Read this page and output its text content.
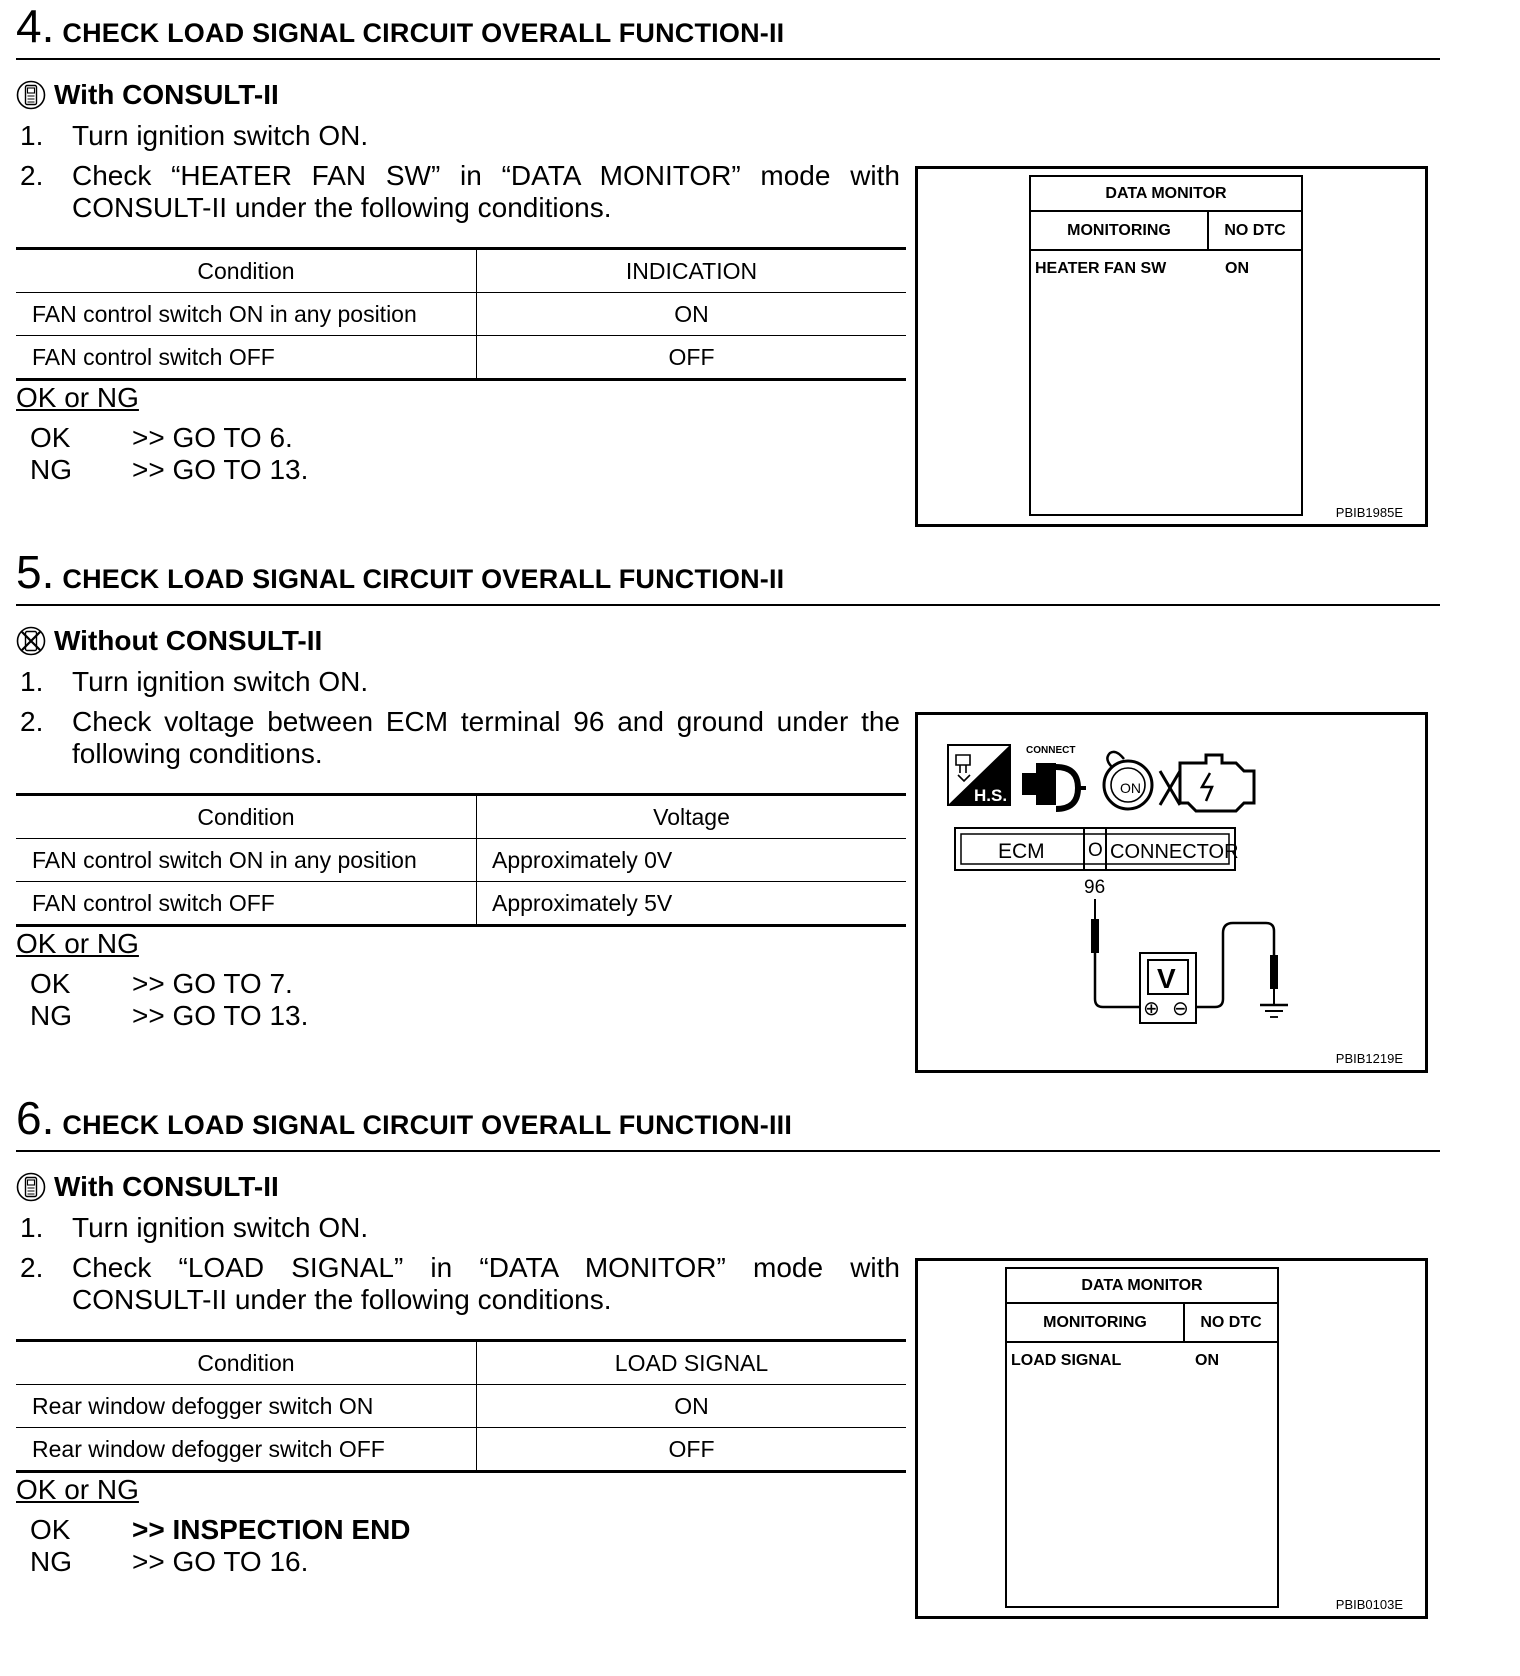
4. CHECK LOAD SIGNAL CIRCUIT OVERALL FUNCTION-II
With CONSULT-II
1. Turn ignition switch ON.
2. Check “HEATER FAN SW” in “DATA MONITOR” mode with CONSULT-II under the following conditions.
Condition	INDICATION
FAN control switch ON in any position	ON
FAN control switch OFF	OFF
OK or NG
OK >> GO TO 6.
NG >> GO TO 13.
DATA MONITOR
MONITORING	NO DTC
HEATER FAN SW	ON
PBIB1985E
5. CHECK LOAD SIGNAL CIRCUIT OVERALL FUNCTION-II
Without CONSULT-II
1. Turn ignition switch ON.
2. Check voltage between ECM terminal 96 and ground under the following conditions.
Condition	Voltage
FAN control switch ON in any position	Approximately 0V
FAN control switch OFF	Approximately 5V
OK or NG
OK >> GO TO 7.
NG >> GO TO 13.
H.S.
CONNECT
ON
ECM O CONNECTOR
96
V
⊕ ⊖
PBIB1219E
6. CHECK LOAD SIGNAL CIRCUIT OVERALL FUNCTION-III
With CONSULT-II
1. Turn ignition switch ON.
2. Check “LOAD SIGNAL” in “DATA MONITOR” mode with CONSULT-II under the following conditions.
Condition	LOAD SIGNAL
Rear window defogger switch ON	ON
Rear window defogger switch OFF	OFF
OK or NG
OK >> INSPECTION END
NG >> GO TO 16.
DATA MONITOR
MONITORING	NO DTC
LOAD SIGNAL	ON
PBIB0103E
